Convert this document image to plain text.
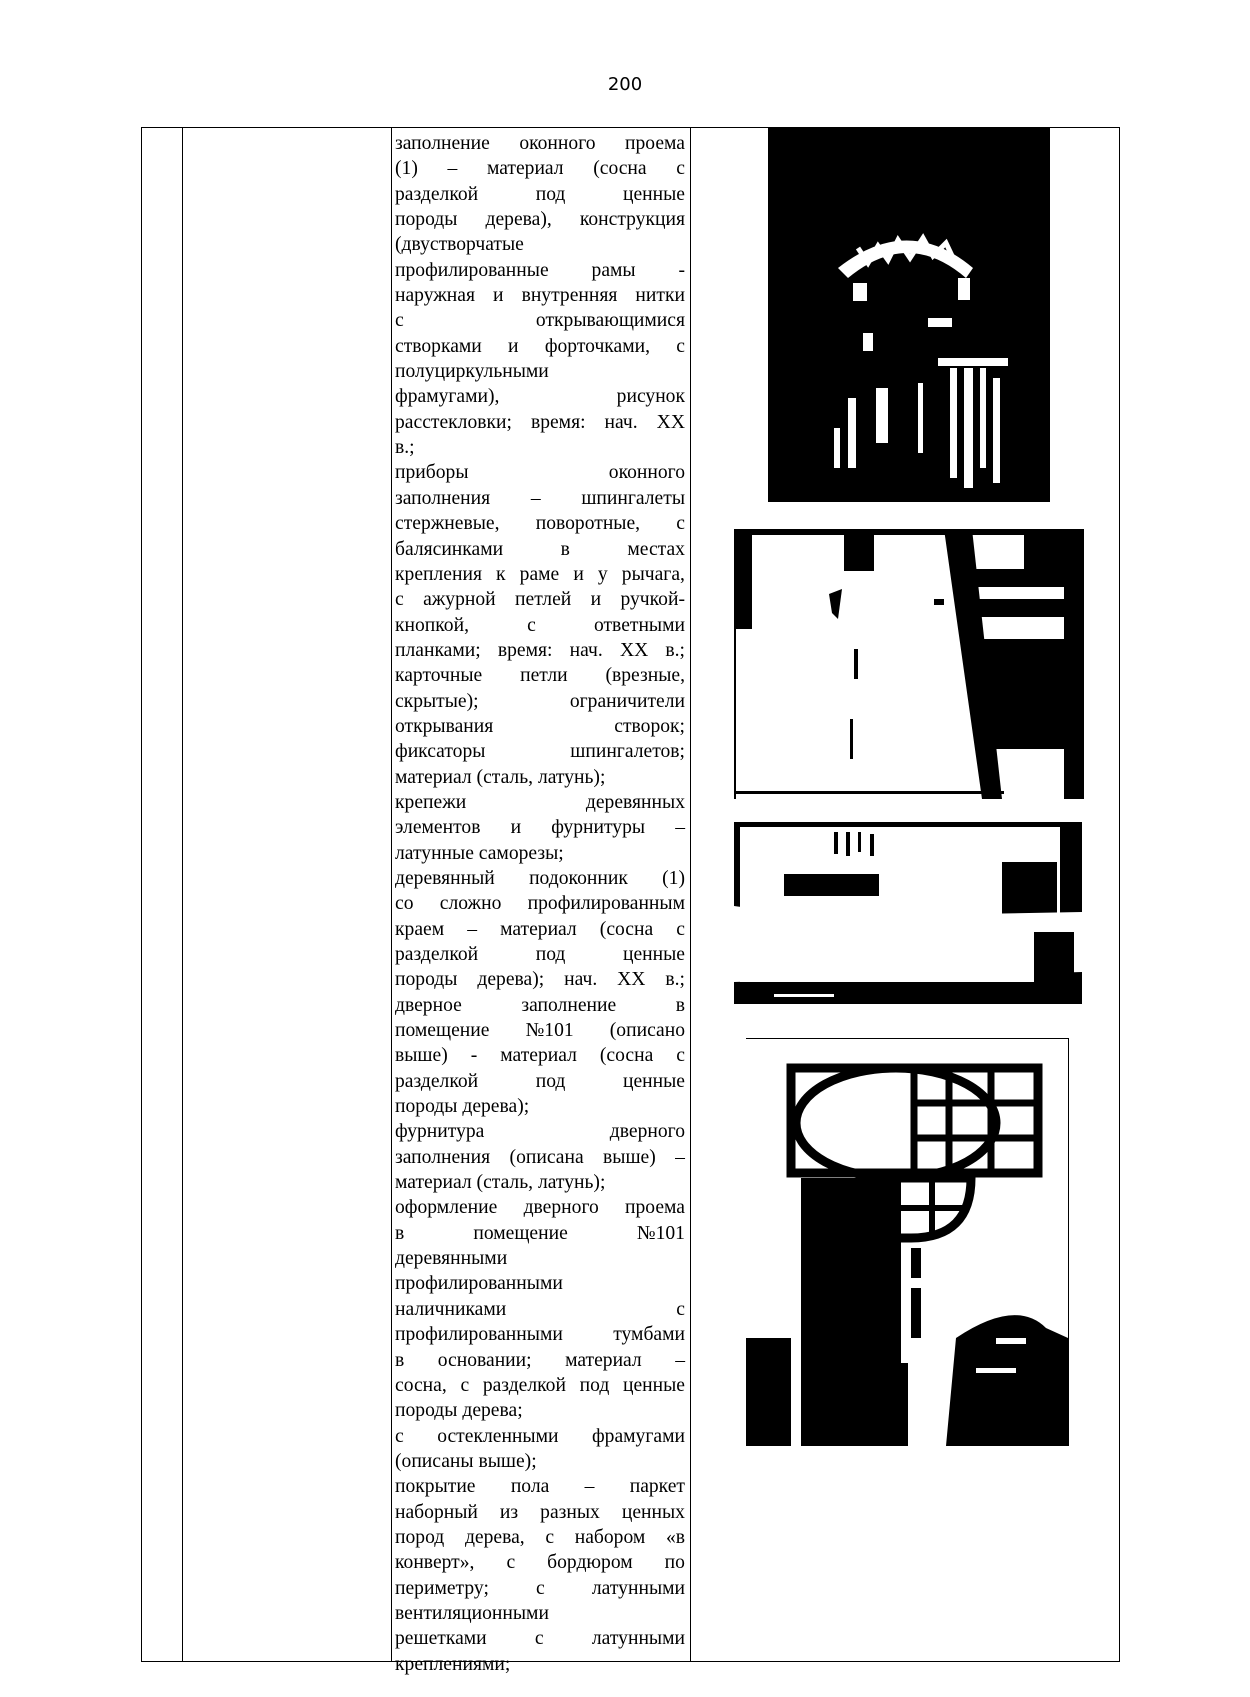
200
заполнение оконного проема
(1) – материал (сосна с
разделкой	под	ценные
породы дерева), конструкция
(двустворчатые
профилированные рамы -
наружная и внутренняя нитки
с	открывающимися
створками и форточками, с
полуциркульными
фрамугами),	рисунок
расстекловки; время: нач. XX
в.;
приборы	оконного
заполнения – шпингалеты
стержневые, поворотные, с
балясинками	в	местах
крепления к раме и у рычага,
с ажурной петлей и ручкой-
кнопкой,	с	ответными
планками; время: нач. XX в.;
карточные петли (врезные,
скрытые);	ограничители
открывания	створок;
фиксаторы	шпингалетов;
материал (сталь, латунь);
крепежи	деревянных
элементов и фурнитуры –
латунные саморезы;
деревянный подоконник (1)
со сложно профилированным
краем – материал (сосна с
разделкой	под	ценные
породы дерева); нач. XX в.;
дверное	заполнение	в
помещение №101 (описано
выше) - материал (сосна с
разделкой	под	ценные
породы дерева);
фурнитура	дверного
заполнения (описана выше) –
материал (сталь, латунь);
оформление дверного проема
в	помещение	№101
деревянными
профилированными
наличниками	с
профилированными	тумбами
в основании; материал –
сосна, с разделкой под ценные
породы дерева;
с остекленными фрамугами
(описаны выше);
покрытие пола – паркет
наборный из разных ценных
пород дерева, с набором «в
конверт», с бордюром по
периметру; с латунными
вентиляционными
решетками с латунными
креплениями;
